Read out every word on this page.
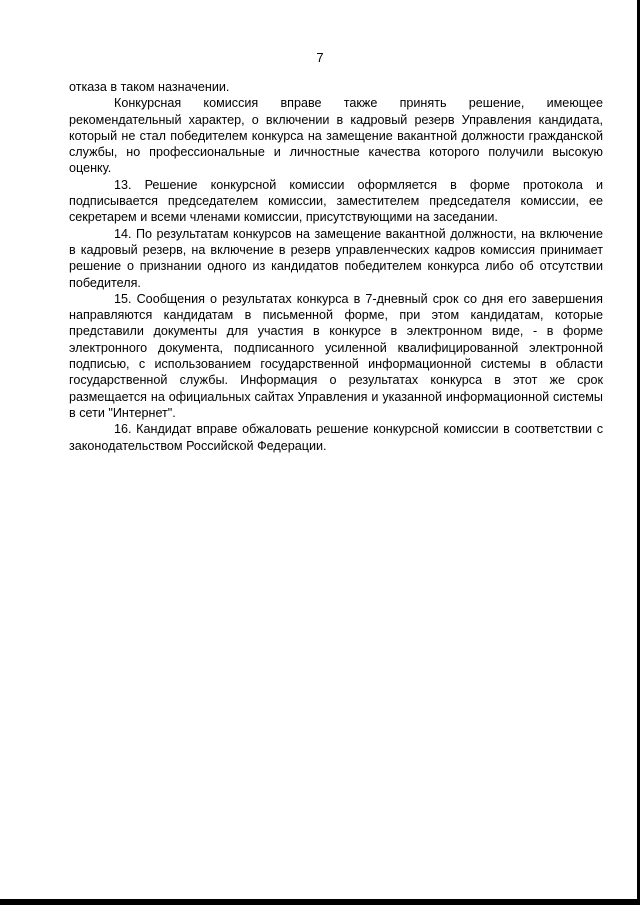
7

отказа в таком назначении.

Конкурсная комиссия вправе также принять решение, имеющее рекомендательный характер, о включении в кадровый резерв Управления кандидата, который не стал победителем конкурса на замещение вакантной должности гражданской службы, но профессиональные и личностные качества которого получили высокую оценку.

13. Решение конкурсной комиссии оформляется в форме протокола и подписывается председателем комиссии, заместителем председателя комиссии, ее секретарем и всеми членами комиссии, присутствующими на заседании.

14. По результатам конкурсов на замещение вакантной должности, на включение в кадровый резерв, на включение в резерв управленческих кадров комиссия принимает решение о признании одного из кандидатов победителем конкурса либо об отсутствии победителя.

15. Сообщения о результатах конкурса в 7-дневный срок со дня его завершения направляются кандидатам в письменной форме, при этом кандидатам, которые представили документы для участия в конкурсе в электронном виде, - в форме электронного документа, подписанного усиленной квалифицированной электронной подписью, с использованием государственной информационной системы в области государственной службы. Информация о результатах конкурса в этот же срок размещается на официальных сайтах Управления и указанной информационной системы в сети "Интернет".

16. Кандидат вправе обжаловать решение конкурсной комиссии в соответствии с законодательством Российской Федерации.
